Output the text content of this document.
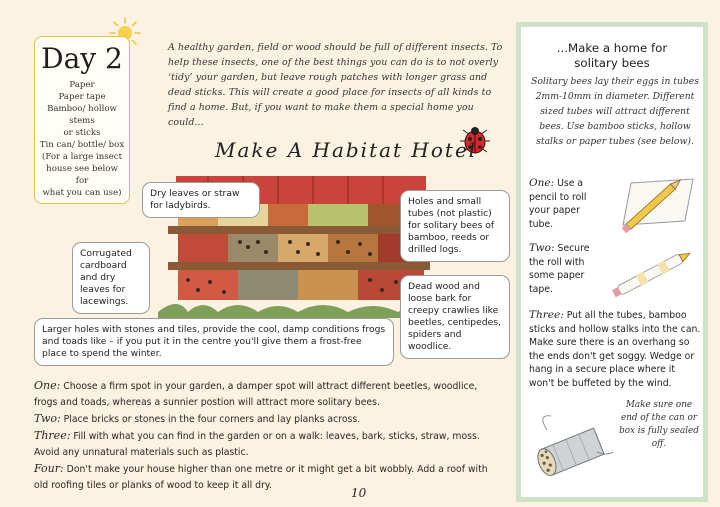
Day 2
Paper
Paper tape
Bamboo/ hollow stems
or sticks
Tin can/ bottle/ box
(For a large insect
house see below for
what you can use)
A healthy garden, field or wood should be full of different insects. To help these insects, one of the best things you can do is to not overly ‘tidy’ your garden, but leave rough patches with longer grass and dead sticks. This will create a good place for insects of all kinds to find a home. But, if you want to make them a special home you could...
Make A Habitat Hotel
Dry leaves or straw for ladybirds.
Corrugated cardboard and dry leaves for lacewings.
Holes and small tubes (not plastic) for solitary bees of bamboo, reeds or drilled logs.
Dead wood and loose bark for creepy crawlies like beetles, centipedes, spiders and woodlice.
Larger holes with stones and tiles, provide the cool, damp conditions frogs and toads like – if you put it in the centre you'll give them a frost-free place to spend the winter.
One: Choose a firm spot in your garden, a damper spot will attract different beetles, woodlice, frogs and toads, whereas a sunnier postion will attract more solitary bees.
Two: Place bricks or stones in the four corners and lay planks across.
Three: Fill with what you can find in the garden or on a walk: leaves, bark, sticks, straw, moss. Avoid any unnatural materials such as plastic.
Four: Don't make your house higher than one metre or it might get a bit wobbly. Add a roof with old roofing tiles or planks of wood to keep it all dry.
10
...Make a home for
solitary bees
Solitary bees lay their eggs in tubes 2mm-10mm in diameter. Different sized tubes will attract different bees. Use bamboo sticks, hollow stalks or paper tubes (see below).
One: Use a pencil to roll your paper tube.
Two: Secure the roll with some paper tape.
Three: Put all the tubes, bamboo sticks and hollow stalks into the can. Make sure there is an overhang so the ends don't get soggy. Wedge or hang in a secure place where it won't be buffeted by the wind.
Make sure one end of the can or box is fully sealed off.
